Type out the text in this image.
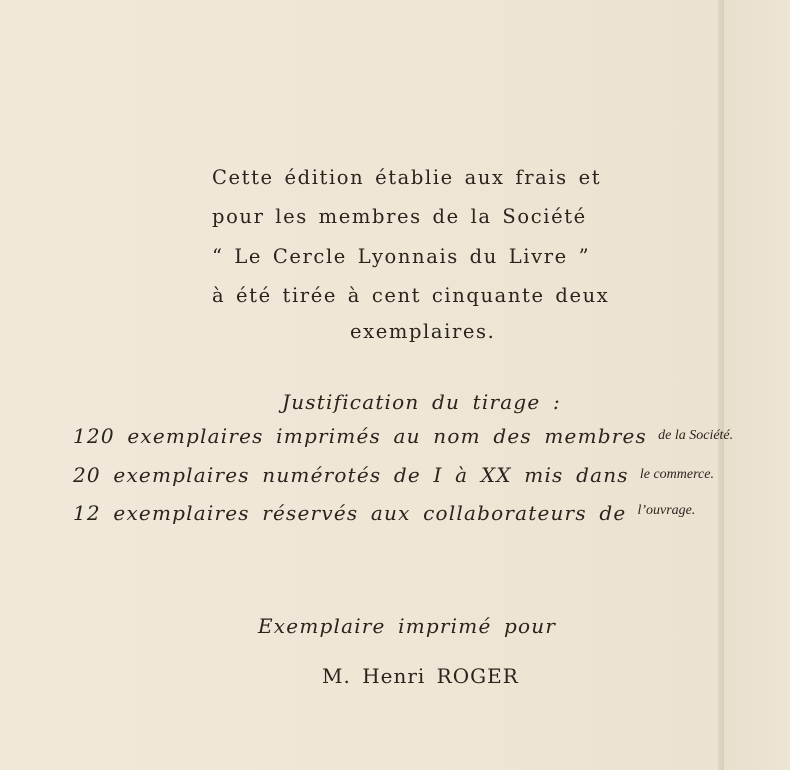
Cette édition établie aux frais et
pour les membres de la Société
“ Le Cercle Lyonnais du Livre ”
à été tirée à cent cinquante deux
exemplaires.
Justification du tirage :
120 exemplaires imprimés au nom des membres de la Société.
20 exemplaires numérotés de I à XX mis dans le commerce.
12 exemplaires réservés aux collaborateurs de l’ouvrage.
Exemplaire imprimé pour
M. Henri ROGER
